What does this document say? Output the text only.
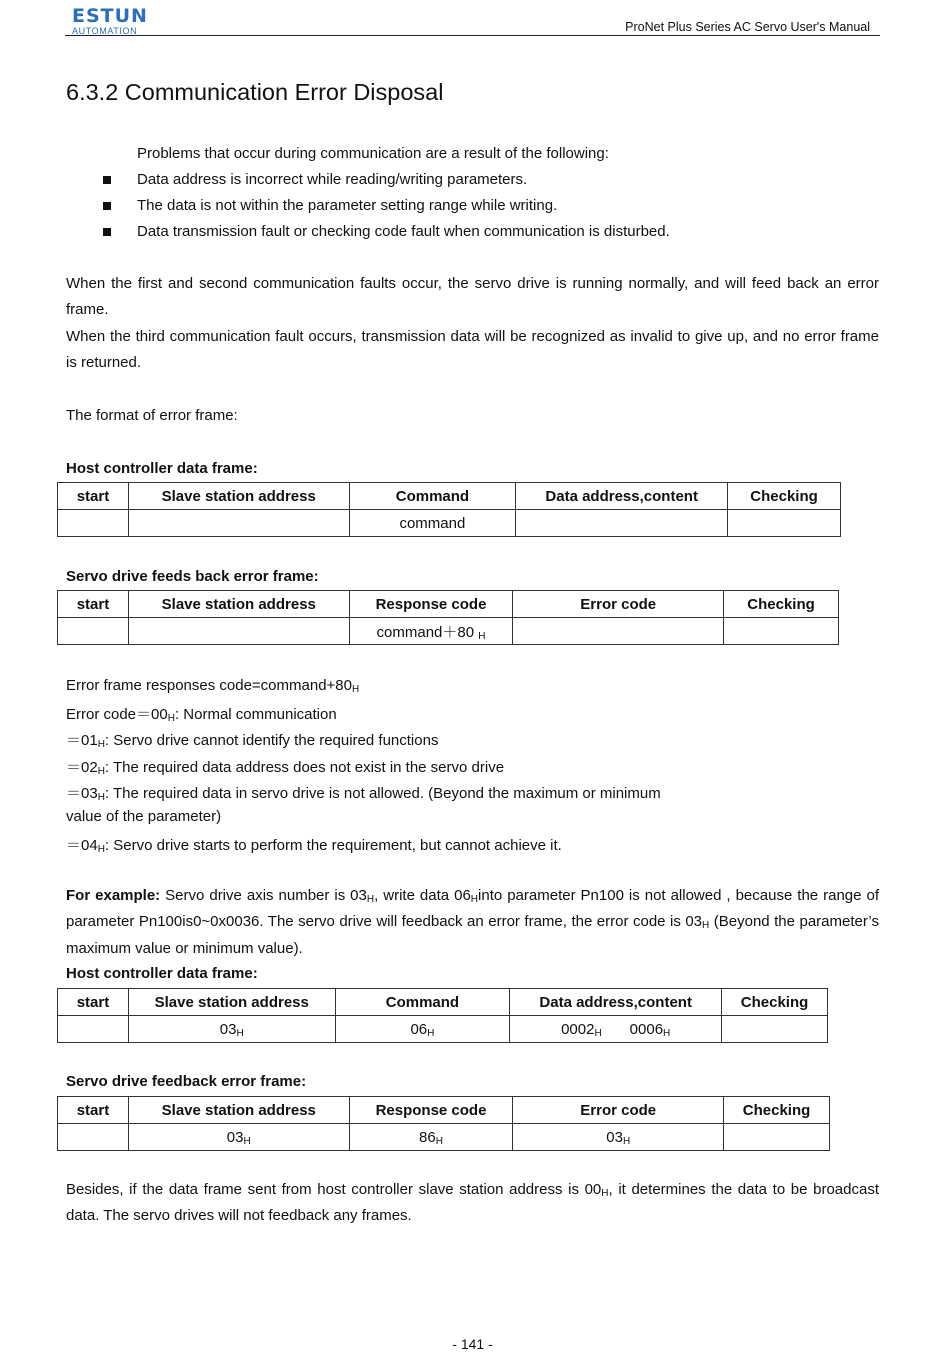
ESTUN
AUTOMATION	ProNet Plus Series AC Servo User's Manual
6.3.2 Communication Error Disposal
Problems that occur during communication are a result of the following:
Data address is incorrect while reading/writing parameters.
The data is not within the parameter setting range while writing.
Data transmission fault or checking code fault when communication is disturbed.
When the first and second communication faults occur, the servo drive is running normally, and will feed back an error frame.
When the third communication fault occurs, transmission data will be recognized as invalid to give up, and no error frame is returned.
The format of error frame:
Host controller data frame:
start	Slave station address	Command	Data address,content	Checking
		command		
Servo drive feeds back error frame:
start	Slave station address	Response code	Error code	Checking
		command＋80 $_H$		
Error frame responses $code=command+80_H$
Error $code=00_H$: Normal communication
$=01_H$: Servo drive cannot identify the required functions
$=02_H$: The required data address does not exist in the servo drive
$=03_H$: The required data in servo drive is not allowed. (Beyond the maximum or minimum
value of the parameter)
$=04_H$: Servo drive starts to perform the requirement, but cannot achieve it.
For example: Servo drive axis number is $03_H$, write data $06_Hinto$ parameter Pn100 is not allowed , because the range of parameter Pn100is0~0x0036. The servo drive will feedback an error frame, the error code is $03_H$ (Beyond the parameter’s maximum value or minimum value).
Host controller data frame:
start	Slave station address	Command	Data address,content	Checking
	$03_H$	$06_H$	$0002_H$ $0006_H$	
Servo drive feedback error frame:
start	Slave station address	Response code	Error code	Checking
	$03_H$	$86_H$	$03_H$	
Besides, if the data frame sent from host controller slave station address is $00_H$, it determines the data to be broadcast data. The servo drives will not feedback any frames.
- 141 -
